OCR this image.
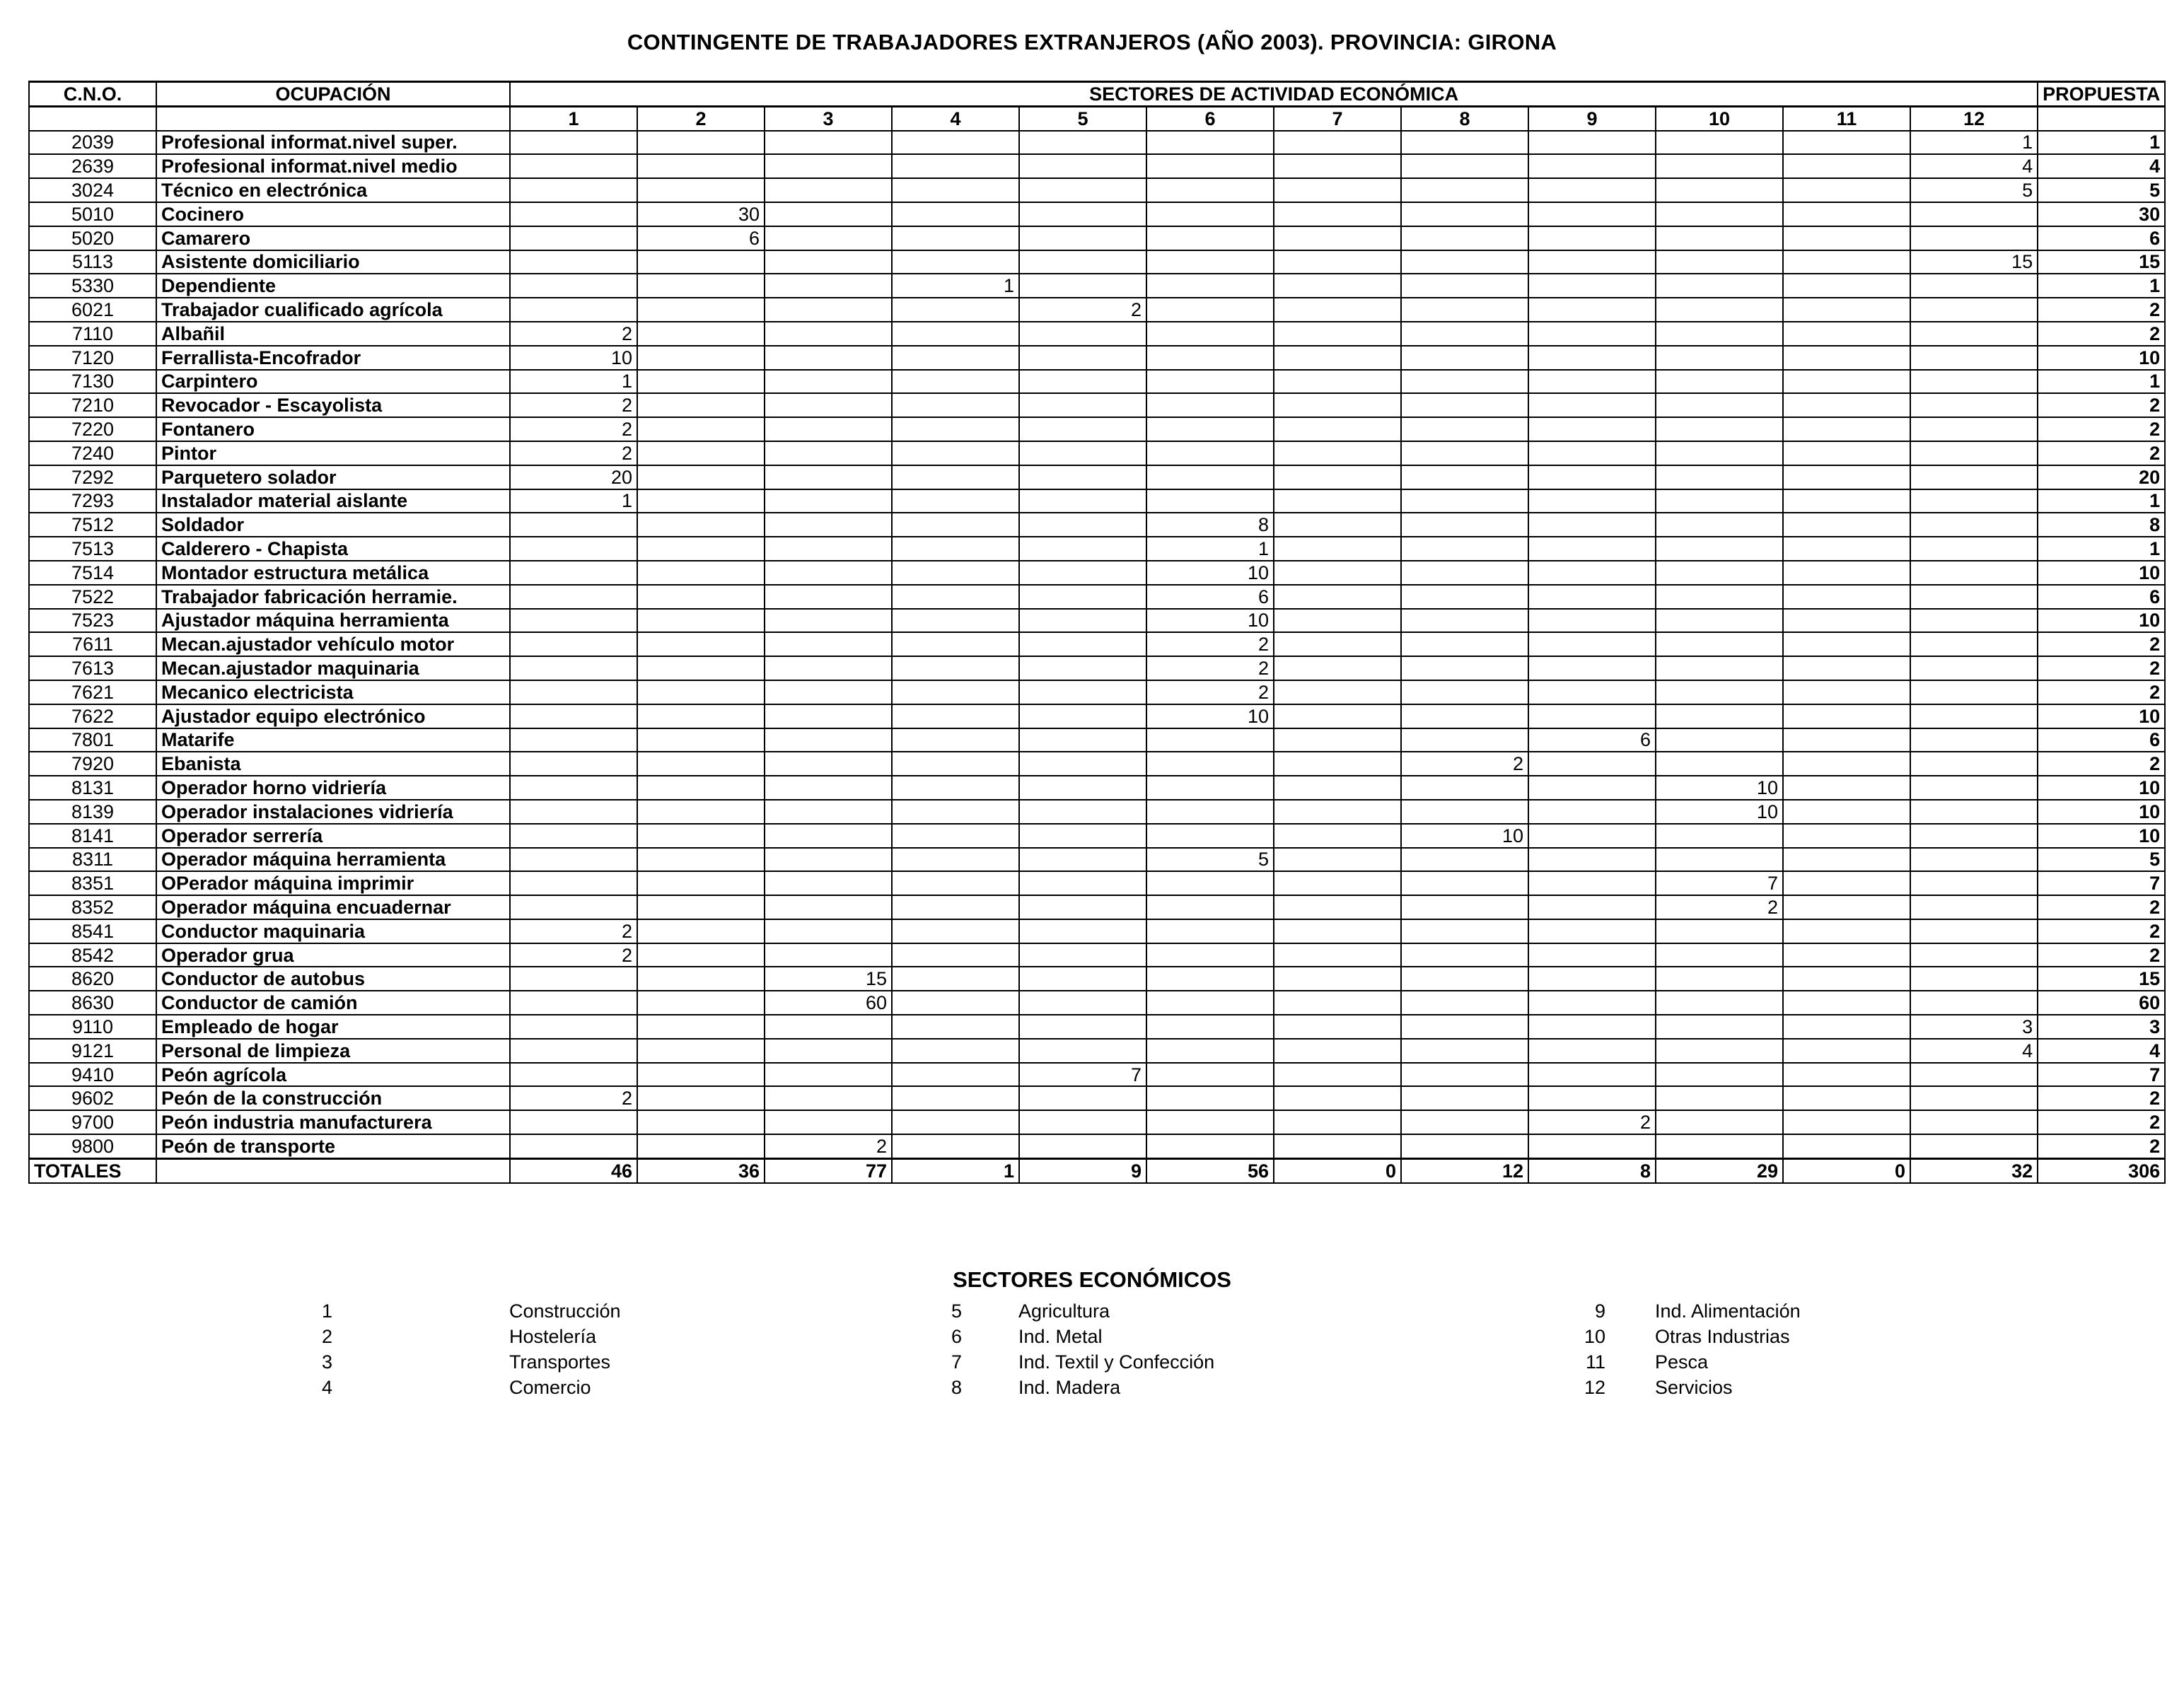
CONTINGENTE DE TRABAJADORES EXTRANJEROS (AÑO 2003). PROVINCIA: GIRONA
C.N.O.	OCUPACIÓN	SECTORES DE ACTIVIDAD ECONÓMICA												PROPUESTA
		1	2	3	4	5	6	7	8	9	10	11	12	
2039	Profesional informat.nivel super.												1	1
2639	Profesional informat.nivel medio												4	4
3024	Técnico en electrónica												5	5
5010	Cocinero		30											30
5020	Camarero		6											6
5113	Asistente domiciliario												15	15
5330	Dependiente				1									1
6021	Trabajador cualificado agrícola					2								2
7110	Albañil	2												2
7120	Ferrallista-Encofrador	10												10
7130	Carpintero	1												1
7210	Revocador - Escayolista	2												2
7220	Fontanero	2												2
7240	Pintor	2												2
7292	Parquetero solador	20												20
7293	Instalador material aislante	1												1
7512	Soldador						8							8
7513	Calderero - Chapista						1							1
7514	Montador estructura metálica						10							10
7522	Trabajador fabricación herramie.						6							6
7523	Ajustador máquina herramienta						10							10
7611	Mecan.ajustador vehículo motor						2							2
7613	Mecan.ajustador maquinaria						2							2
7621	Mecanico electricista						2							2
7622	Ajustador equipo electrónico						10							10
7801	Matarife									6				6
7920	Ebanista								2					2
8131	Operador horno vidriería										10			10
8139	Operador instalaciones vidriería										10			10
8141	Operador serrería								10					10
8311	Operador máquina herramienta						5							5
8351	OPerador máquina imprimir										7			7
8352	Operador máquina encuadernar										2			2
8541	Conductor maquinaria	2												2
8542	Operador grua	2												2
8620	Conductor de autobus			15										15
8630	Conductor de camión			60										60
9110	Empleado de hogar												3	3
9121	Personal de limpieza												4	4
9410	Peón agrícola					7								7
9602	Peón de la construcción	2												2
9700	Peón industria manufacturera									2				2
9800	Peón de transporte			2										2
TOTALES		46	36	77	1	9	56	0	12	8	29	0	32	306
SECTORES ECONÓMICOS
1	Construcción
2	Hostelería
3	Transportes
4	Comercio
5	Agricultura
6	Ind. Metal
7	Ind. Textil y Confección
8	Ind. Madera
9	Ind. Alimentación
10	Otras Industrias
11	Pesca
12	Servicios
